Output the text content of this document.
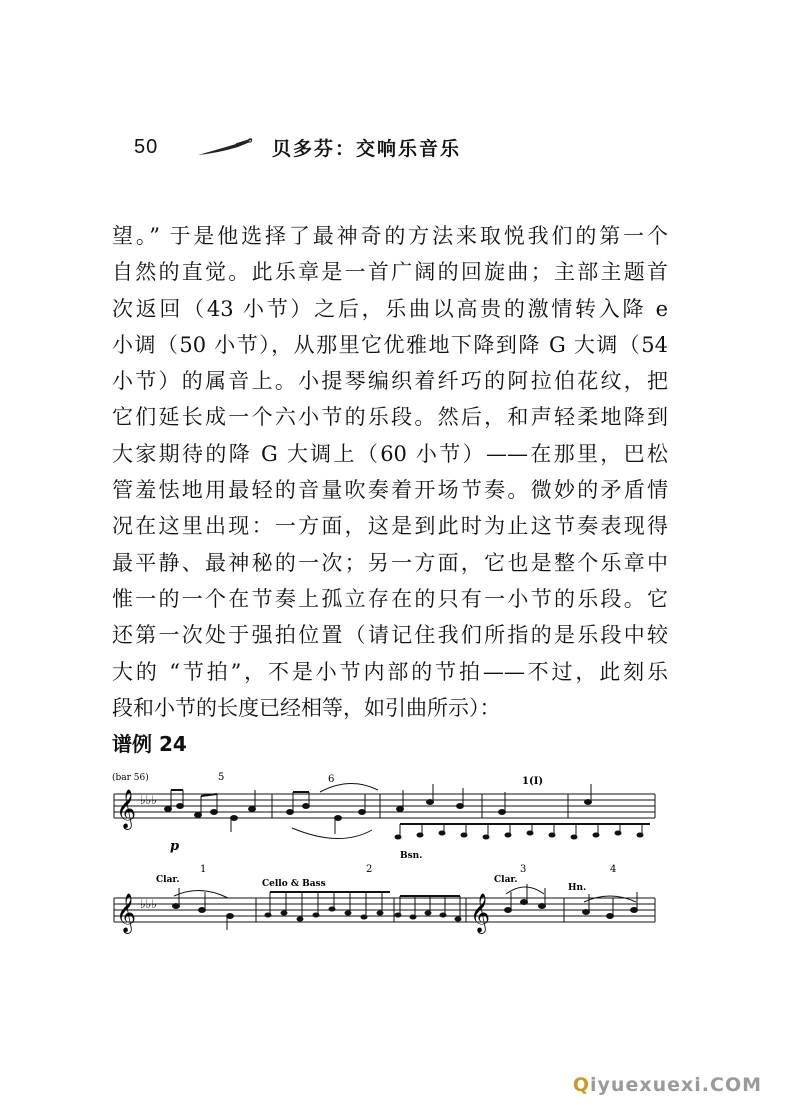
50	贝多芬：交响乐音乐
望。” 于是他选择了最神奇的方法来取悦我们的第一个
自然的直觉。此乐章是一首广阔的回旋曲；主部主题首
次返回（43 小节）之后，乐曲以高贵的激情转入降 e
小调（50 小节），从那里它优雅地下降到降 G 大调（54
小节）的属音上。小提琴编织着纤巧的阿拉伯花纹，把
它们延长成一个六小节的乐段。然后，和声轻柔地降到
大家期待的降 G 大调上（60 小节）——在那里，巴松
管羞怯地用最轻的音量吹奏着开场节奏。微妙的矛盾情
况在这里出现：一方面，这是到此时为止这节奏表现得
最平静、最神秘的一次；另一方面，它也是整个乐章中
惟一的一个在节奏上孤立存在的只有一小节的乐段。它
还第一次处于强拍位置（请记住我们所指的是乐段中较
大的 “节拍”，不是小节内部的节拍——不过，此刻乐
段和小节的长度已经相等，如引曲所示）：
谱例 24
(bar 56)	5	6	1(I)
𝄞 ♭♭♭
p
Bsn.
1	2	3	4
Clar.	Cello & Bass	Clar.
Hn.
𝄞 ♭♭♭	𝄞
Qiyuexuexi.COM
